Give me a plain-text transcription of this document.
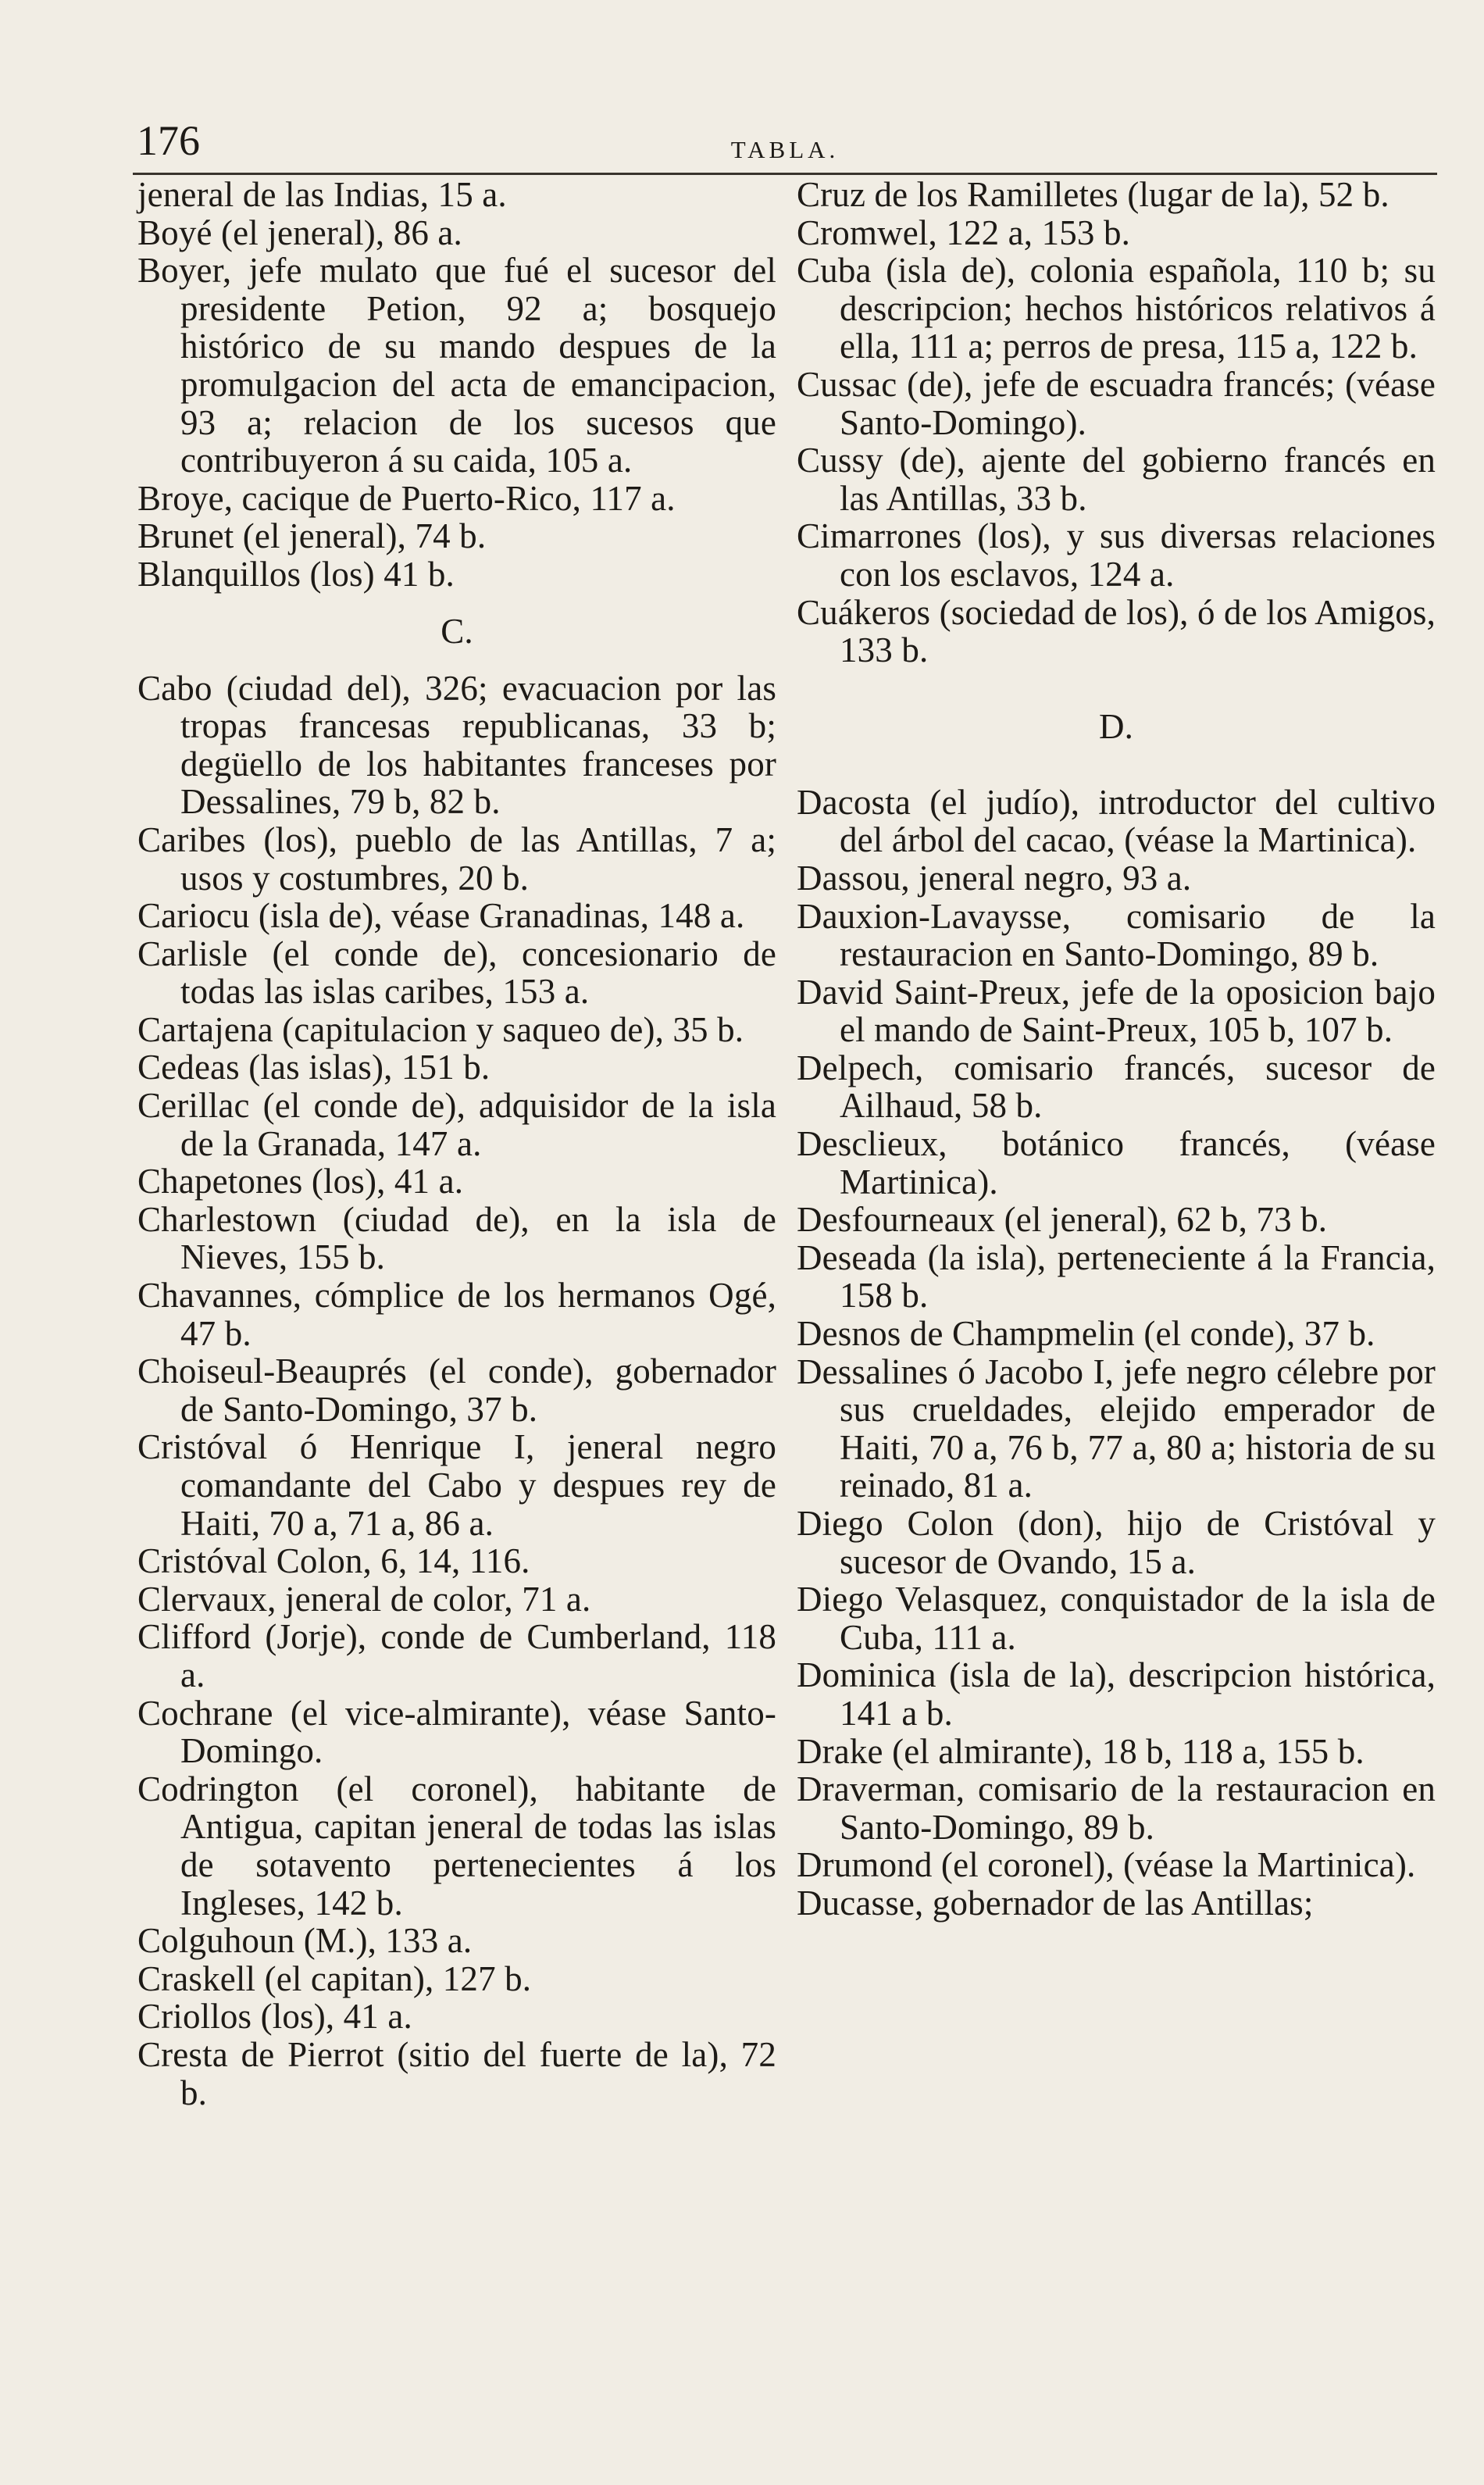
176	TABLA.

jeneral de las Indias, 15 a.

Boyé (el jeneral), 86 a.

Boyer, jefe mulato que fué el sucesor del presidente Petion, 92 a; bosquejo histórico de su mando despues de la promulgacion del acta de emancipacion, 93 a; relacion de los sucesos que contribuyeron á su caida, 105 a.

Broye, cacique de Puerto-Rico, 117 a.

Brunet (el jeneral), 74 b.

Blanquillos (los) 41 b.

C.

Cabo (ciudad del), 326; evacuacion por las tropas francesas republicanas, 33 b; degüello de los habitantes franceses por Dessalines, 79 b, 82 b.

Caribes (los), pueblo de las Antillas, 7 a; usos y costumbres, 20 b.

Cariocu (isla de), véase Granadinas, 148 a.

Carlisle (el conde de), concesionario de todas las islas caribes, 153 a.

Cartajena (capitulacion y saqueo de), 35 b.

Cedeas (las islas), 151 b.

Cerillac (el conde de), adquisidor de la isla de la Granada, 147 a.

Chapetones (los), 41 a.

Charlestown (ciudad de), en la isla de Nieves, 155 b.

Chavannes, cómplice de los hermanos Ogé, 47 b.

Choiseul-Beauprés (el conde), gobernador de Santo-Domingo, 37 b.

Cristóval ó Henrique I, jeneral negro comandante del Cabo y despues rey de Haiti, 70 a, 71 a, 86 a.

Cristóval Colon, 6, 14, 116.

Clervaux, jeneral de color, 71 a.

Clifford (Jorje), conde de Cumberland, 118 a.

Cochrane (el vice-almirante), véase Santo-Domingo.

Codrington (el coronel), habitante de Antigua, capitan jeneral de todas las islas de sotavento pertenecientes á los Ingleses, 142 b.

Colguhoun (M.), 133 a.

Craskell (el capitan), 127 b.

Criollos (los), 41 a.

Cresta de Pierrot (sitio del fuerte de la), 72 b.

Cruz de los Ramilletes (lugar de la), 52 b.

Cromwel, 122 a, 153 b.

Cuba (isla de), colonia española, 110 b; su descripcion; hechos históricos relativos á ella, 111 a; perros de presa, 115 a, 122 b.

Cussac (de), jefe de escuadra francés; (véase Santo-Domingo).

Cussy (de), ajente del gobierno francés en las Antillas, 33 b.

Cimarrones (los), y sus diversas relaciones con los esclavos, 124 a.

Cuákeros (sociedad de los), ó de los Amigos, 133 b.

D.

Dacosta (el judío), introductor del cultivo del árbol del cacao, (véase la Martinica).

Dassou, jeneral negro, 93 a.

Dauxion-Lavaysse, comisario de la restauracion en Santo-Domingo, 89 b.

David Saint-Preux, jefe de la oposicion bajo el mando de Saint-Preux, 105 b, 107 b.

Delpech, comisario francés, sucesor de Ailhaud, 58 b.

Desclieux, botánico francés, (véase Martinica).

Desfourneaux (el jeneral), 62 b, 73 b.

Deseada (la isla), perteneciente á la Francia, 158 b.

Desnos de Champmelin (el conde), 37 b.

Dessalines ó Jacobo I, jefe negro célebre por sus crueldades, elejido emperador de Haiti, 70 a, 76 b, 77 a, 80 a; historia de su reinado, 81 a.

Diego Colon (don), hijo de Cristóval y sucesor de Ovando, 15 a.

Diego Velasquez, conquistador de la isla de Cuba, 111 a.

Dominica (isla de la), descripcion histórica, 141 a b.

Drake (el almirante), 18 b, 118 a, 155 b.

Draverman, comisario de la restauracion en Santo-Domingo, 89 b.

Drumond (el coronel), (véase la Martinica).

Ducasse, gobernador de las Antillas;
